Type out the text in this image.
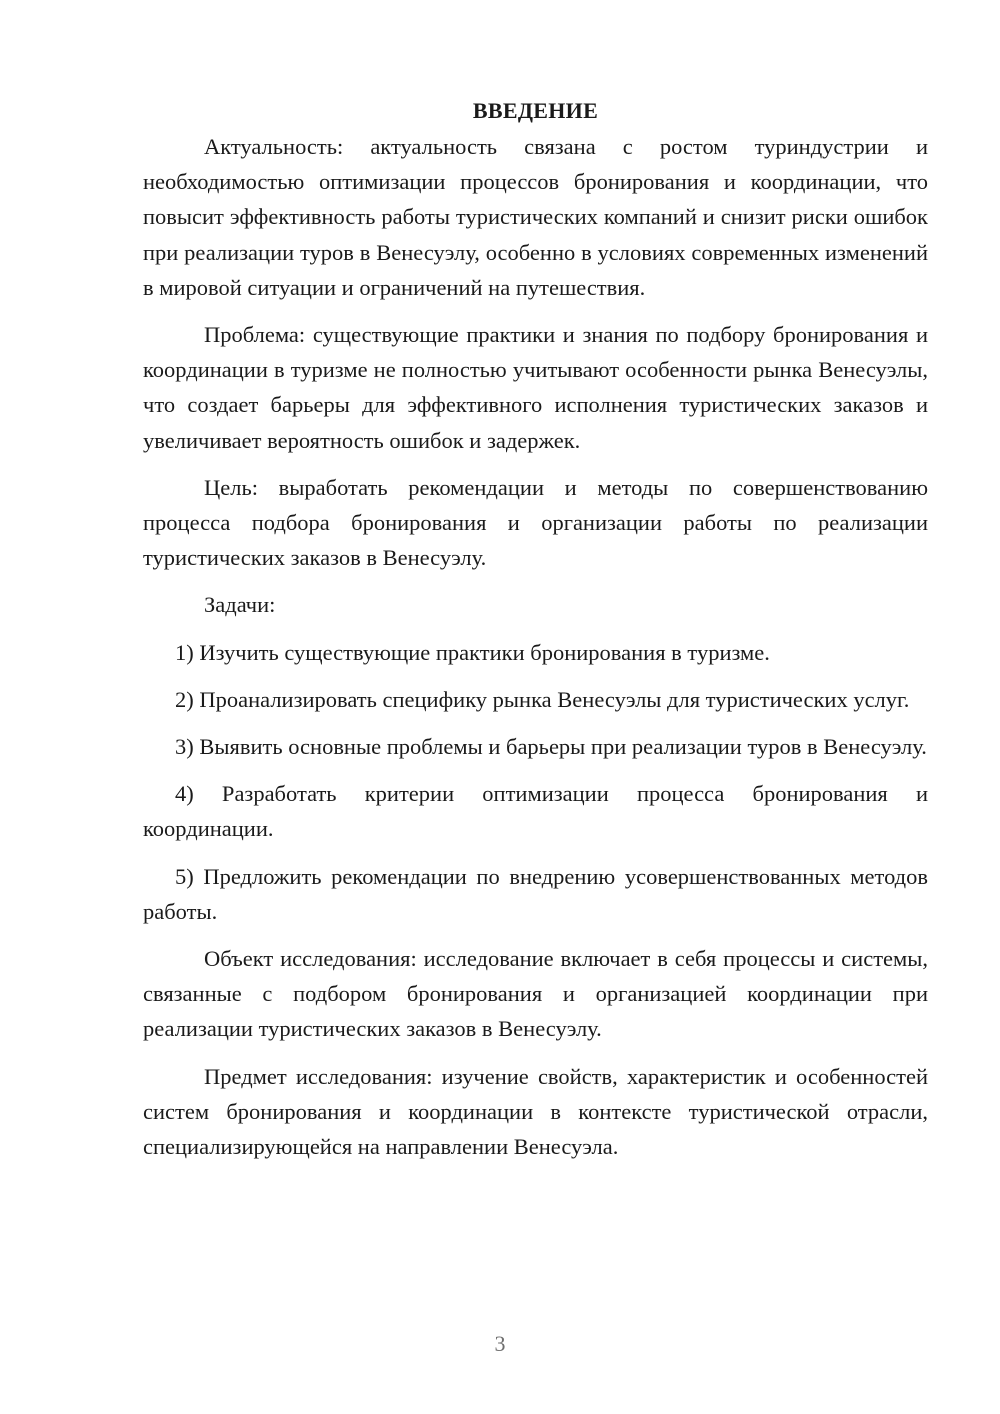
ВВЕДЕНИЕ

Актуальность: актуальность связана с ростом туриндустрии и необходимостью оптимизации процессов бронирования и координации, что повысит эффективность работы туристических компаний и снизит риски ошибок при реализации туров в Венесуэлу, особенно в условиях современных изменений в мировой ситуации и ограничений на путешествия.

Проблема: существующие практики и знания по подбору бронирования и координации в туризме не полностью учитывают особенности рынка Венесуэлы, что создает барьеры для эффективного исполнения туристических заказов и увеличивает вероятность ошибок и задержек.

Цель: выработать рекомендации и методы по совершенствованию процесса подбора бронирования и организации работы по реализации туристических заказов в Венесуэлу.

Задачи:

1) Изучить существующие практики бронирования в туризме.

2) Проанализировать специфику рынка Венесуэлы для туристических услуг.

3) Выявить основные проблемы и барьеры при реализации туров в Венесуэлу.

4) Разработать критерии оптимизации процесса бронирования и координации.

5) Предложить рекомендации по внедрению усовершенствованных методов работы.

Объект исследования: исследование включает в себя процессы и системы, связанные с подбором бронирования и организацией координации при реализации туристических заказов в Венесуэлу.

Предмет исследования: изучение свойств, характеристик и особенностей систем бронирования и координации в контексте туристической отрасли, специализирующейся на направлении Венесуэла.

3
